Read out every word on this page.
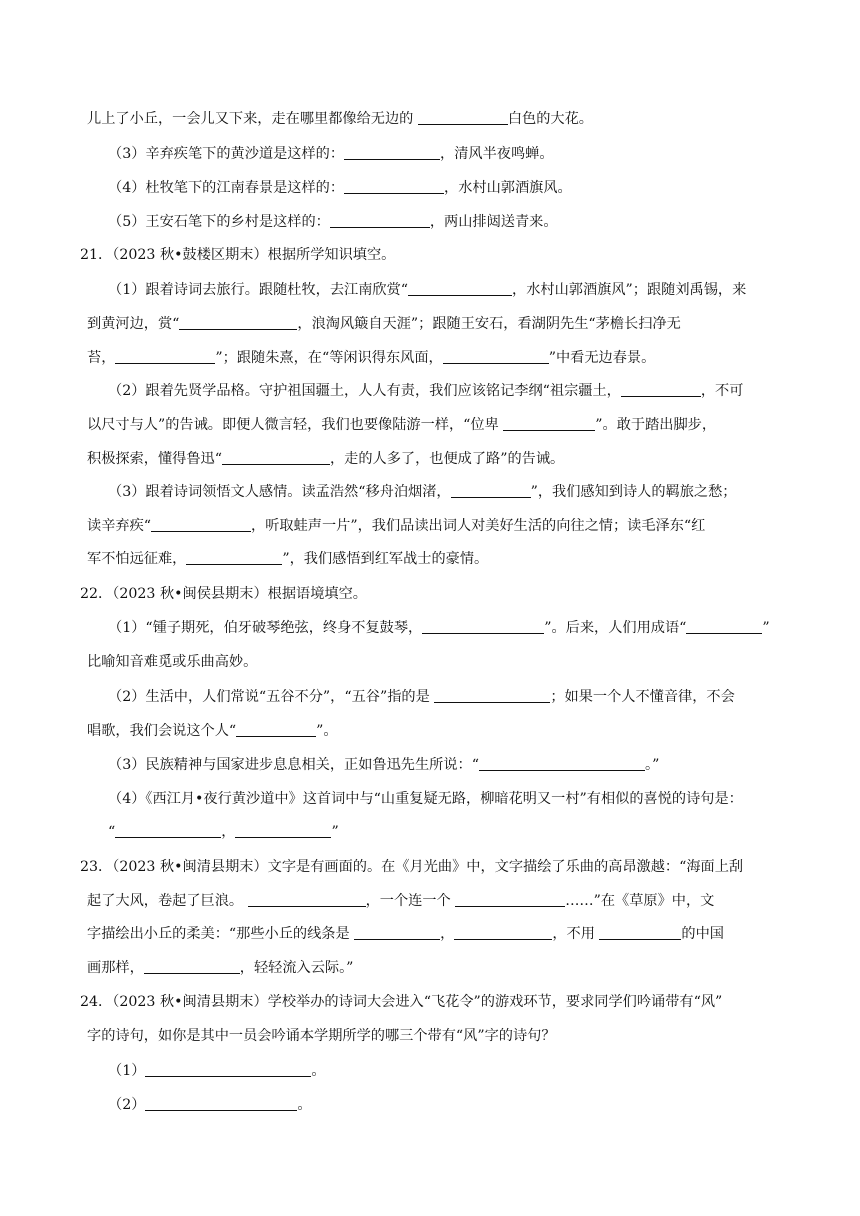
儿上了小丘，一会儿又下来，走在哪里都像给无边的	白色的大花。
（3）辛弃疾笔下的黄沙道是这样的：	，清风半夜鸣蝉。
（4）杜牧笔下的江南春景是这样的：	，水村山郭酒旗风。
（5）王安石笔下的乡村是这样的：	，两山排闼送青来。
21．（2023 秋•鼓楼区期末）根据所学知识填空。
（1）跟着诗词去旅行。跟随杜牧，去江南欣赏“	，水村山郭酒旗风”；跟随刘禹锡，来
到黄河边，赏“	，浪淘风簸自天涯”；跟随王安石，看湖阴先生“茅檐长扫净无
苔，	”；跟随朱熹，在“等闲识得东风面，	”中看无边春景。
（2）跟着先贤学品格。守护祖国疆土，人人有责，我们应该铭记李纲“祖宗疆土，	，不可
以尺寸与人”的告诫。即便人微言轻，我们也要像陆游一样，“位卑	”。敢于踏出脚步，
积极探索，懂得鲁迅“	，走的人多了，也便成了路”的告诫。
（3）跟着诗词领悟文人感情。读孟浩然“移舟泊烟渚，	”，我们感知到诗人的羁旅之愁；
读辛弃疾“	，听取蛙声一片”，我们品读出词人对美好生活的向往之情；读毛泽东“红
军不怕远征难，	”，我们感悟到红军战士的豪情。
22．（2023 秋•闽侯县期末）根据语境填空。
（1）“锺子期死，伯牙破琴绝弦，终身不复鼓琴，	”。后来，人们用成语“	”
比喻知音难觅或乐曲高妙。
（2）生活中，人们常说“五谷不分”，“五谷”指的是	；如果一个人不懂音律，不会
唱歌，我们会说这个人“	”。
（3）民族精神与国家进步息息相关，正如鲁迅先生所说：“	。”
（4）《西江月•夜行黄沙道中》这首词中与“山重复疑无路，柳暗花明又一村”有相似的喜悦的诗句是：
“	，	”
23．（2023 秋•闽清县期末）文字是有画面的。在《月光曲》中，文字描绘了乐曲的高昂激越：“海面上刮
起了大风，卷起了巨浪。	，一个连一个	……”在《草原》中，文
字描绘出小丘的柔美：“那些小丘的线条是	，	，不用	的中国
画那样，	，轻轻流入云际。”
24．（2023 秋•闽清县期末）学校举办的诗词大会进入“飞花令”的游戏环节，要求同学们吟诵带有“风”
字的诗句，如你是其中一员会吟诵本学期所学的哪三个带有“风”字的诗句？
（1）	。
（2）	。
